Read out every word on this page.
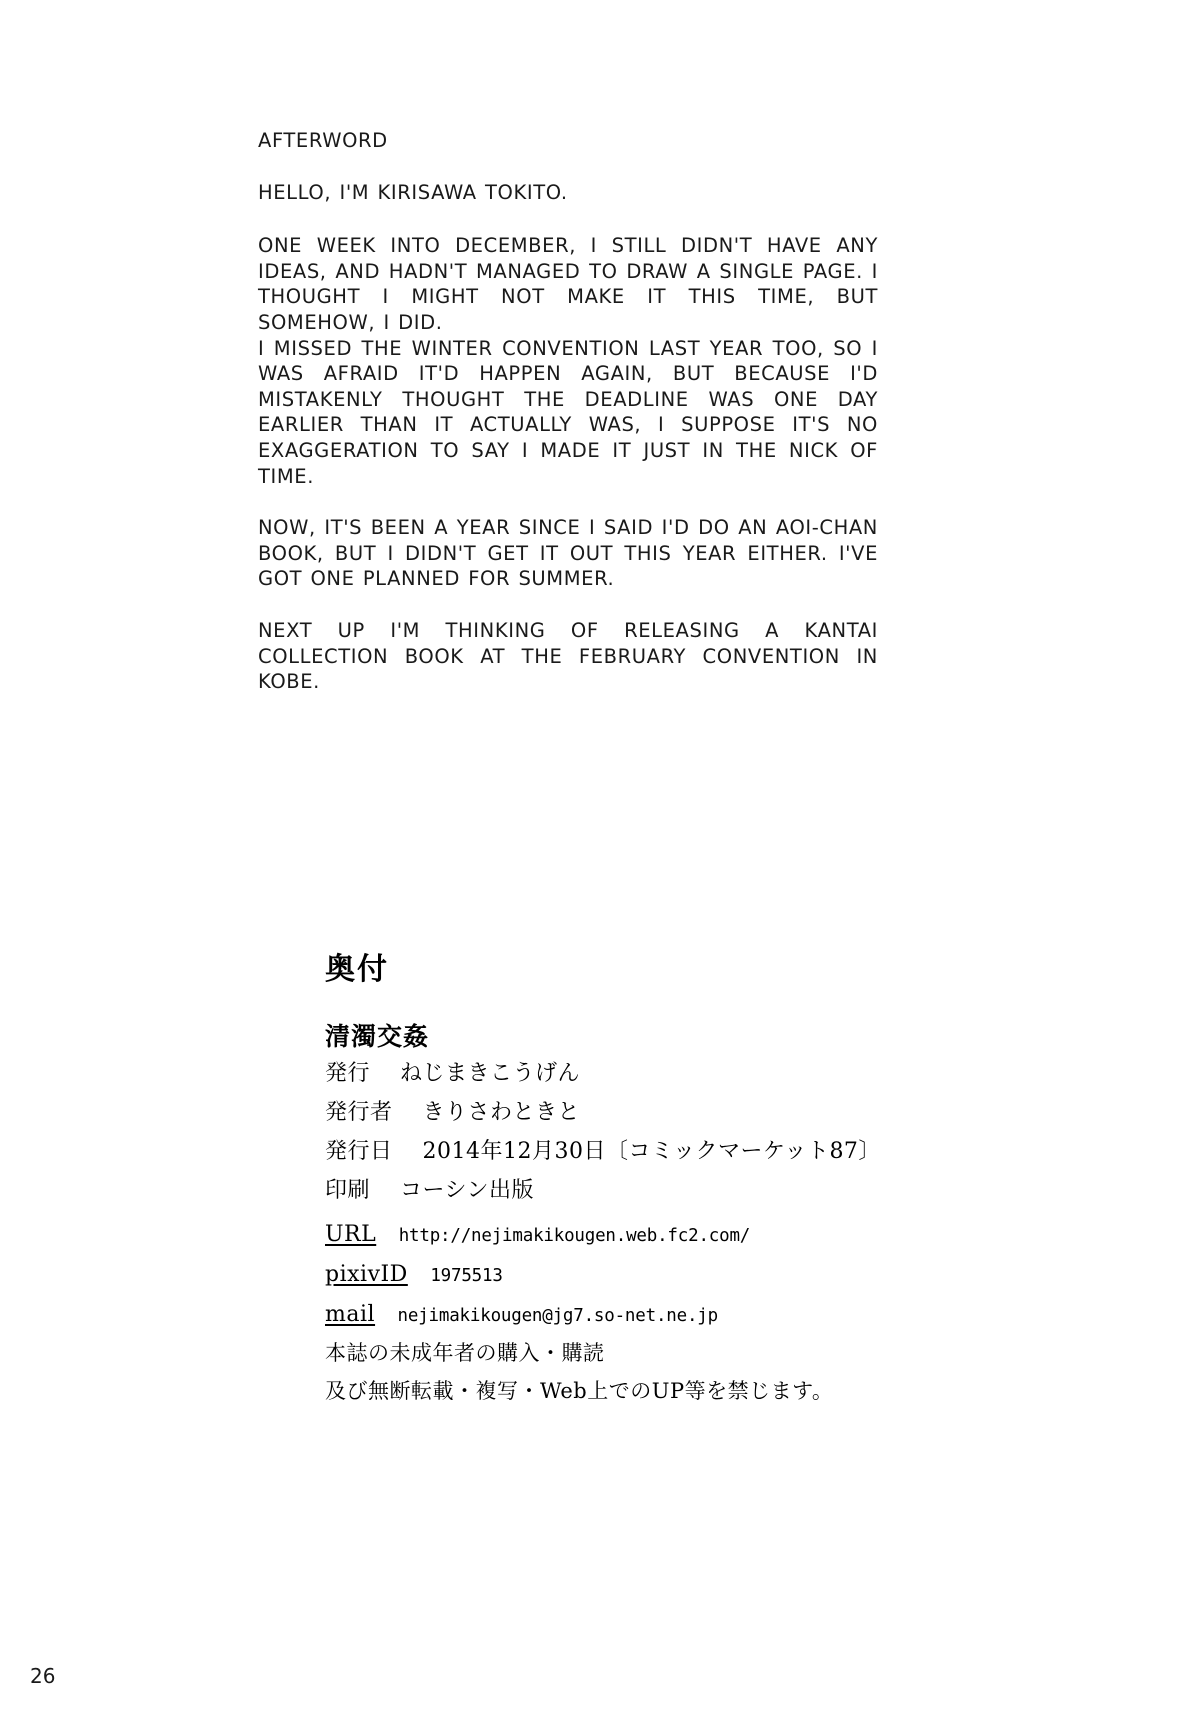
AFTERWORD

HELLO, I'M KIRISAWA TOKITO.

ONE WEEK INTO DECEMBER, I STILL DIDN'T HAVE ANY IDEAS, AND HADN'T MANAGED TO DRAW A SINGLE PAGE. I THOUGHT I MIGHT NOT MAKE IT THIS TIME, BUT SOMEHOW, I DID.

I MISSED THE WINTER CONVENTION LAST YEAR TOO, SO I WAS AFRAID IT'D HAPPEN AGAIN, BUT BECAUSE I'D MISTAKENLY THOUGHT THE DEADLINE WAS ONE DAY EARLIER THAN IT ACTUALLY WAS, I SUPPOSE IT'S NO EXAGGERATION TO SAY I MADE IT JUST IN THE NICK OF TIME.

NOW, IT'S BEEN A YEAR SINCE I SAID I'D DO AN AOI-CHAN BOOK, BUT I DIDN'T GET IT OUT THIS YEAR EITHER. I'VE GOT ONE PLANNED FOR SUMMER.

NEXT UP I'M THINKING OF RELEASING A KANTAI COLLECTION BOOK AT THE FEBRUARY CONVENTION IN KOBE.

奥付
清濁交姦
発行 ねじまきこうげん
発行者 きりさわときと
発行日 2014年12月30日〔コミックマーケット87〕
印刷 コーシン出版
URL http://nejimakikougen.web.fc2.com/
pixivID 1975513
mail nejimakikougen@jg7.so-net.ne.jp
本誌の未成年者の購入・購読
及び無断転載・複写・Web上でのUP等を禁じます。
26
